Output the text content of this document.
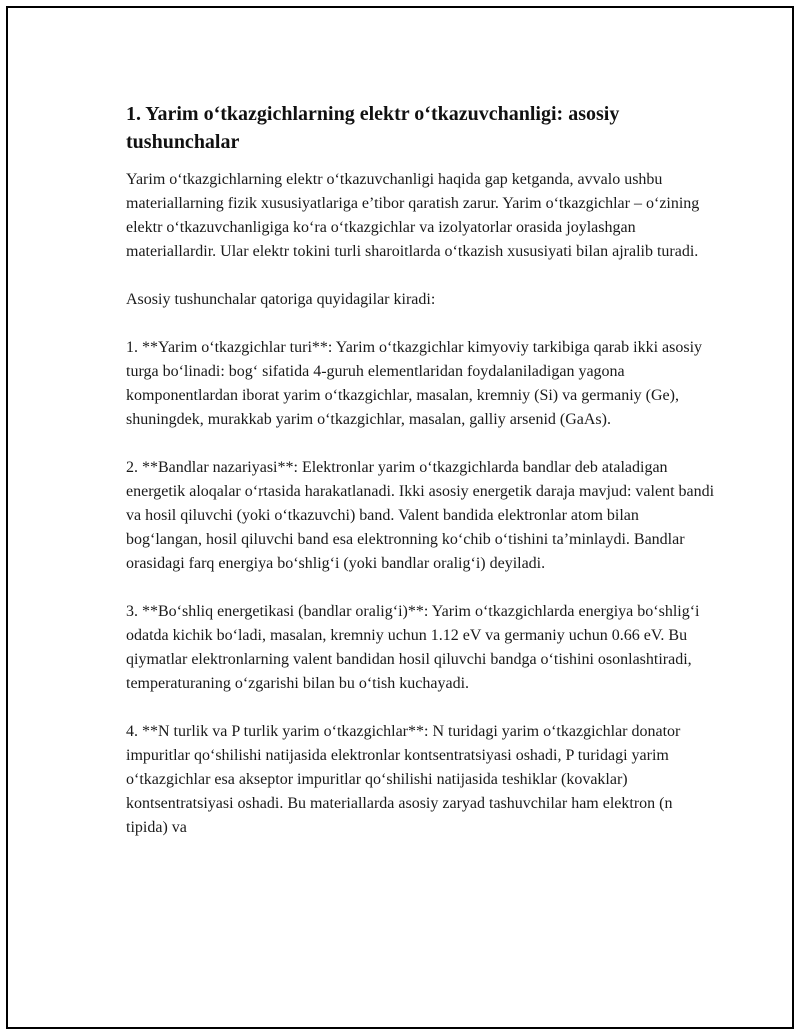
1. Yarim oʻtkazgichlarning elektr oʻtkazuvchanligi: asosiy tushunchalar

Yarim oʻtkazgichlarning elektr oʻtkazuvchanligi haqida gap ketganda, avvalo ushbu materiallarning fizik xususiyatlariga e’tibor qaratish zarur. Yarim oʻtkazgichlar – oʻzining elektr oʻtkazuvchanligiga koʻra oʻtkazgichlar va izolyatorlar orasida joylashgan materiallardir. Ular elektr tokini turli sharoitlarda oʻtkazish xususiyati bilan ajralib turadi.

Asosiy tushunchalar qatoriga quyidagilar kiradi:

1. **Yarim oʻtkazgichlar turi**: Yarim oʻtkazgichlar kimyoviy tarkibiga qarab ikki asosiy turga boʻlinadi: bogʻ sifatida 4-guruh elementlaridan foydalaniladigan yagona komponentlardan iborat yarim oʻtkazgichlar, masalan, kremniy (Si) va germaniy (Ge), shuningdek, murakkab yarim oʻtkazgichlar, masalan, galliy arsenid (GaAs).

2. **Bandlar nazariyasi**: Elektronlar yarim oʻtkazgichlarda bandlar deb ataladigan energetik aloqalar oʻrtasida harakatlanadi. Ikki asosiy energetik daraja mavjud: valent bandi va hosil qiluvchi (yoki oʻtkazuvchi) band. Valent bandida elektronlar atom bilan bogʻlangan, hosil qiluvchi band esa elektronning koʻchib oʻtishini ta’minlaydi. Bandlar orasidagi farq energiya boʻshligʻi (yoki bandlar oraligʻi) deyiladi.

3. **Boʻshliq energetikasi (bandlar oraligʻi)**: Yarim oʻtkazgichlarda energiya boʻshligʻi odatda kichik boʻladi, masalan, kremniy uchun 1.12 eV va germaniy uchun 0.66 eV. Bu qiymatlar elektronlarning valent bandidan hosil qiluvchi bandga oʻtishini osonlashtiradi, temperaturaning oʻzgarishi bilan bu oʻtish kuchayadi.

4. **N turlik va P turlik yarim oʻtkazgichlar**: N turidagi yarim oʻtkazgichlar donator impuritlar qoʻshilishi natijasida elektronlar kontsentratsiyasi oshadi, P turidagi yarim oʻtkazgichlar esa akseptor impuritlar qoʻshilishi natijasida teshiklar (kovaklar) kontsentratsiyasi oshadi. Bu materiallarda asosiy zaryad tashuvchilar ham elektron (n tipida) va
